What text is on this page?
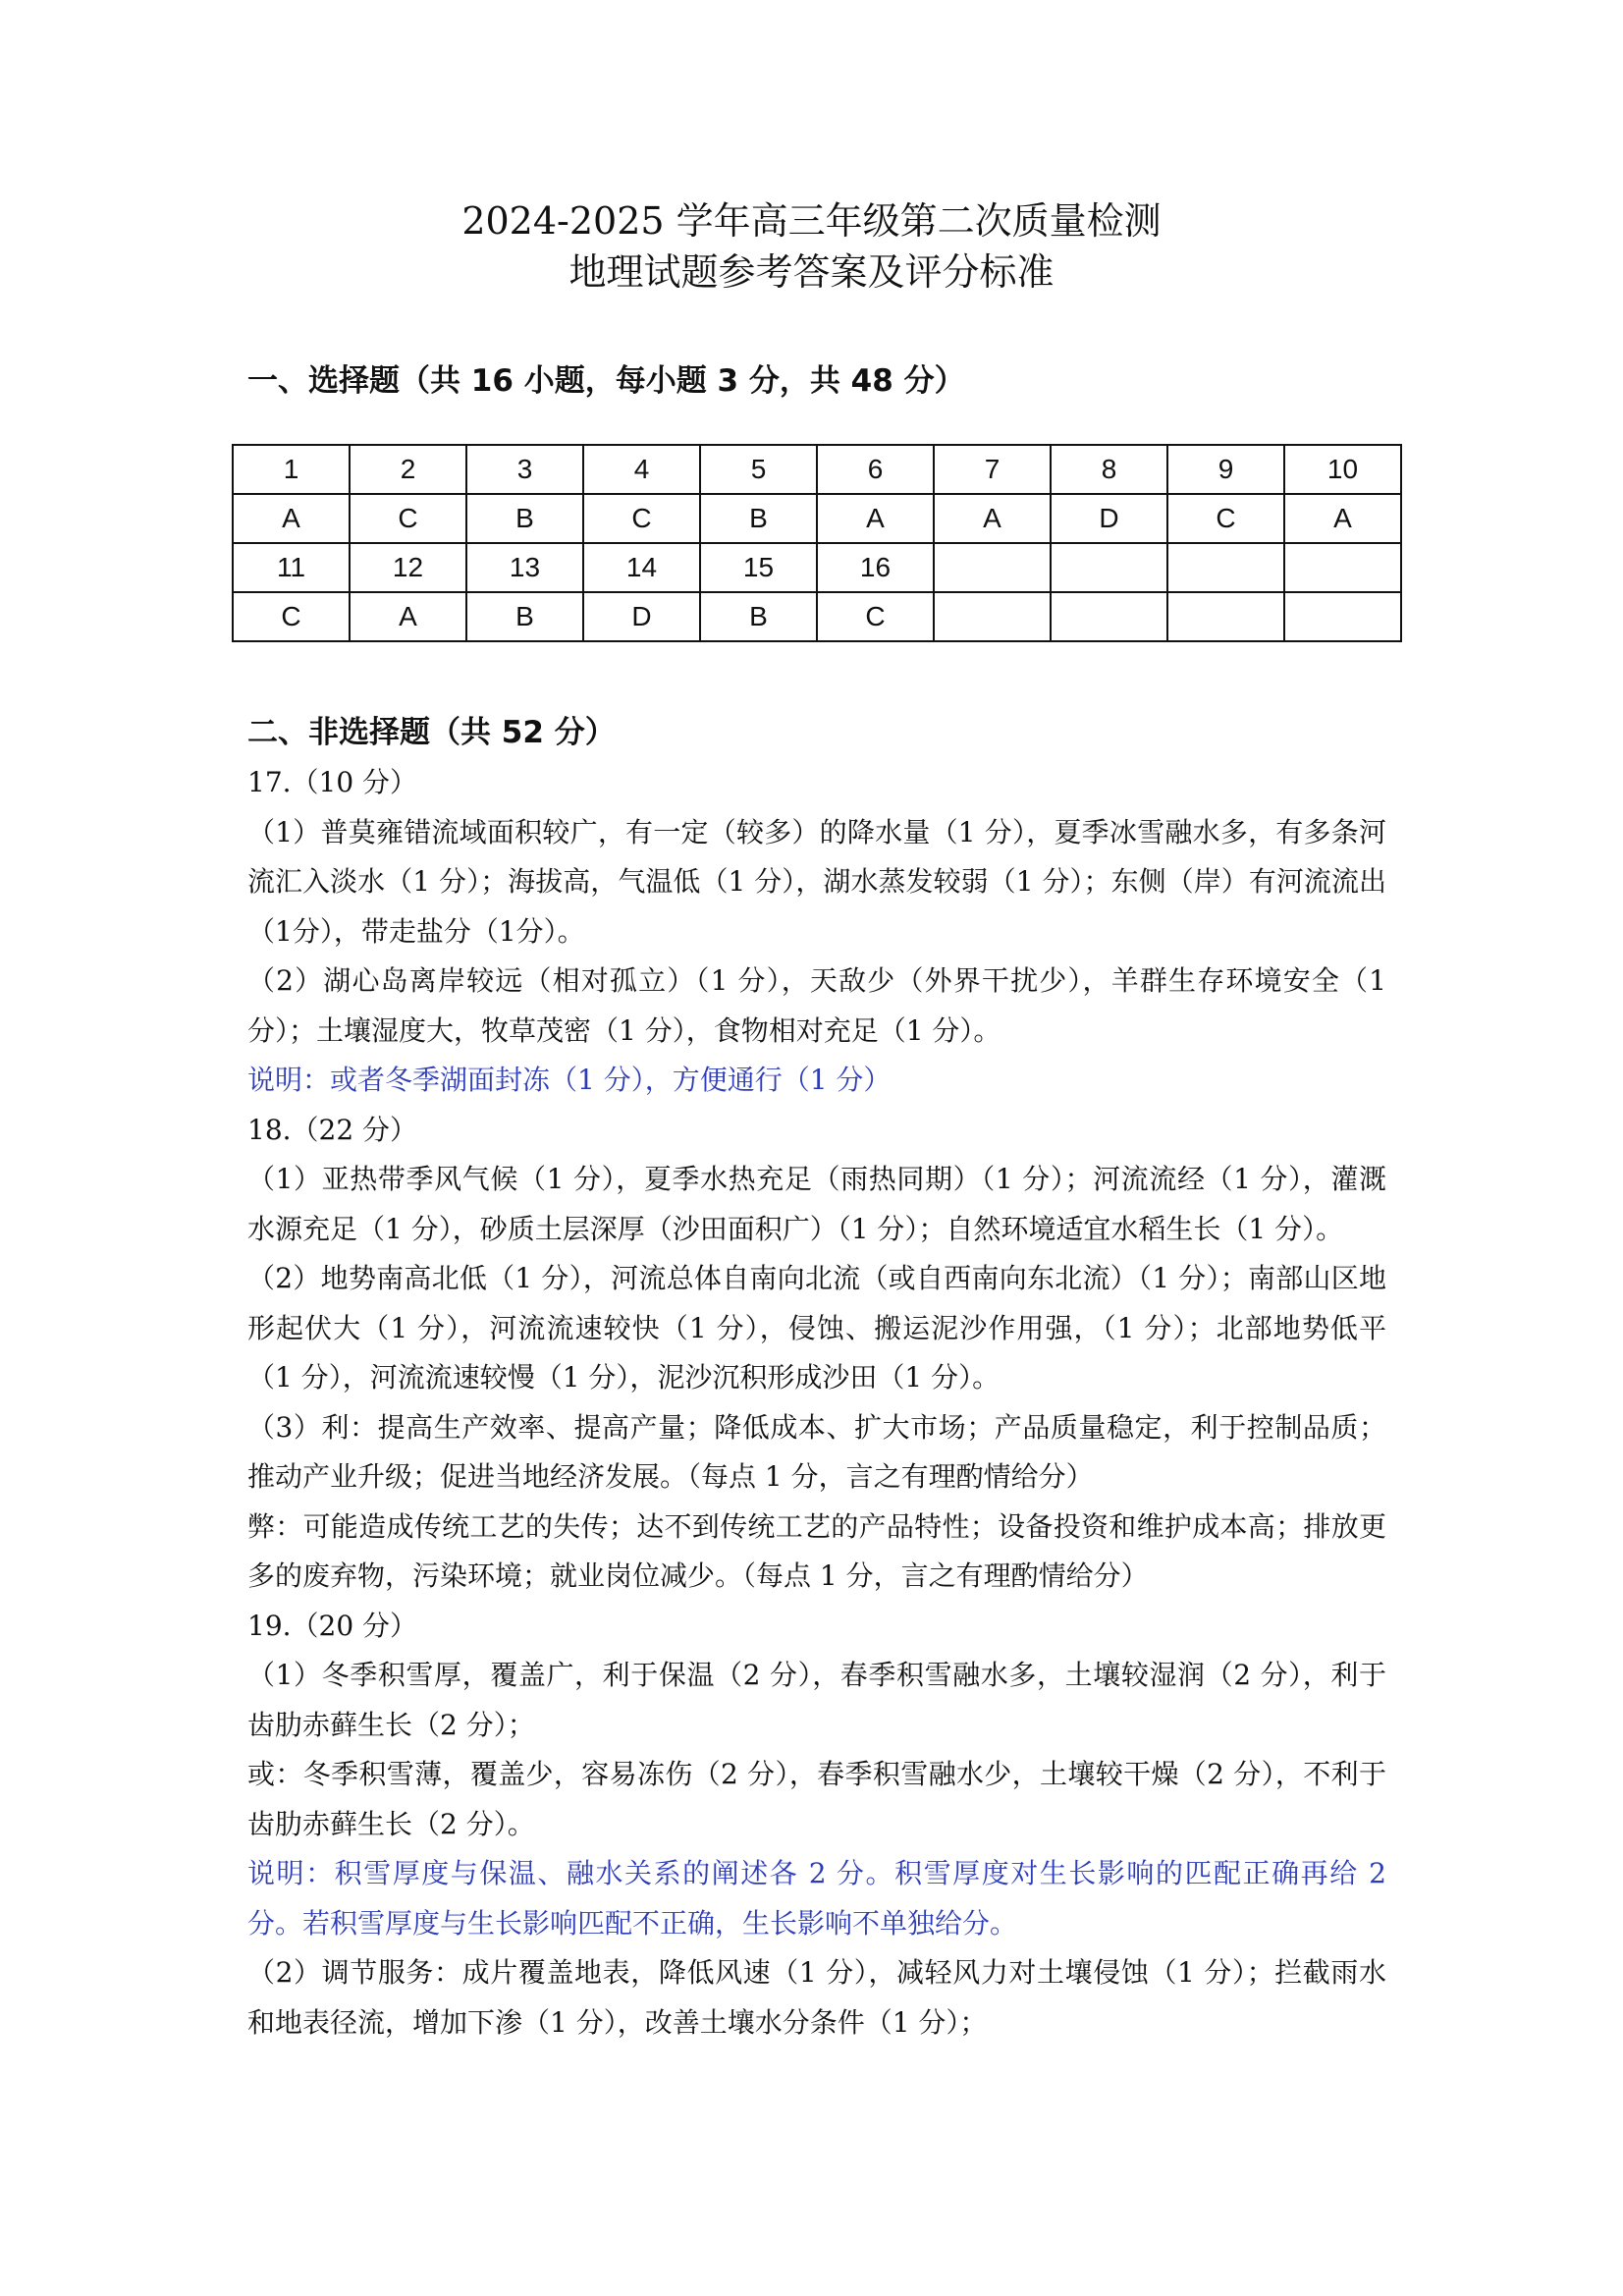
2024-2025 学年高三年级第二次质量检测
地理试题参考答案及评分标准
一、选择题（共 16 小题，每小题 3 分，共 48 分）
1	2	3	4	5	6	7	8	9	10
A	C	B	C	B	A	A	D	C	A
11	12	13	14	15	16				
C	A	B	D	B	C				
二、非选择题（共 52 分）

17.（10 分）

（1）普莫雍错流域面积较广，有一定（较多）的降水量（1 分），夏季冰雪融水多，有多条河流汇入淡水（1 分）；海拔高，气温低（1 分），湖水蒸发较弱（1 分）；东侧（岸）有河流流出（1分），带走盐分（1分）。

（2）湖心岛离岸较远（相对孤立）（1 分），天敌少（外界干扰少），羊群生存环境安全（1 分）；土壤湿度大，牧草茂密（1 分），食物相对充足（1 分）。

说明：或者冬季湖面封冻（1 分），方便通行（1 分）

18.（22 分）

（1）亚热带季风气候（1 分），夏季水热充足（雨热同期）（1 分）；河流流经（1 分），灌溉水源充足（1 分），砂质土层深厚（沙田面积广）（1 分）；自然环境适宜水稻生长（1 分）。

（2）地势南高北低（1 分），河流总体自南向北流（或自西南向东北流）（1 分）；南部山区地形起伏大（1 分），河流流速较快（1 分），侵蚀、搬运泥沙作用强，（1 分）；北部地势低平（1 分），河流流速较慢（1 分），泥沙沉积形成沙田（1 分）。

（3）利：提高生产效率、提高产量；降低成本、扩大市场；产品质量稳定，利于控制品质；推动产业升级；促进当地经济发展。（每点 1 分，言之有理酌情给分）

弊：可能造成传统工艺的失传；达不到传统工艺的产品特性；设备投资和维护成本高；排放更多的废弃物，污染环境；就业岗位减少。（每点 1 分，言之有理酌情给分）

19.（20 分）

（1）冬季积雪厚，覆盖广，利于保温（2 分），春季积雪融水多，土壤较湿润（2 分），利于齿肋赤藓生长（2 分）；

或：冬季积雪薄，覆盖少，容易冻伤（2 分），春季积雪融水少，土壤较干燥（2 分），不利于齿肋赤藓生长（2 分）。

说明：积雪厚度与保温、融水关系的阐述各 2 分。积雪厚度对生长影响的匹配正确再给 2 分。若积雪厚度与生长影响匹配不正确，生长影响不单独给分。

（2）调节服务：成片覆盖地表，降低风速（1 分），减轻风力对土壤侵蚀（1 分）；拦截雨水和地表径流，增加下渗（1 分），改善土壤水分条件（1 分）；
